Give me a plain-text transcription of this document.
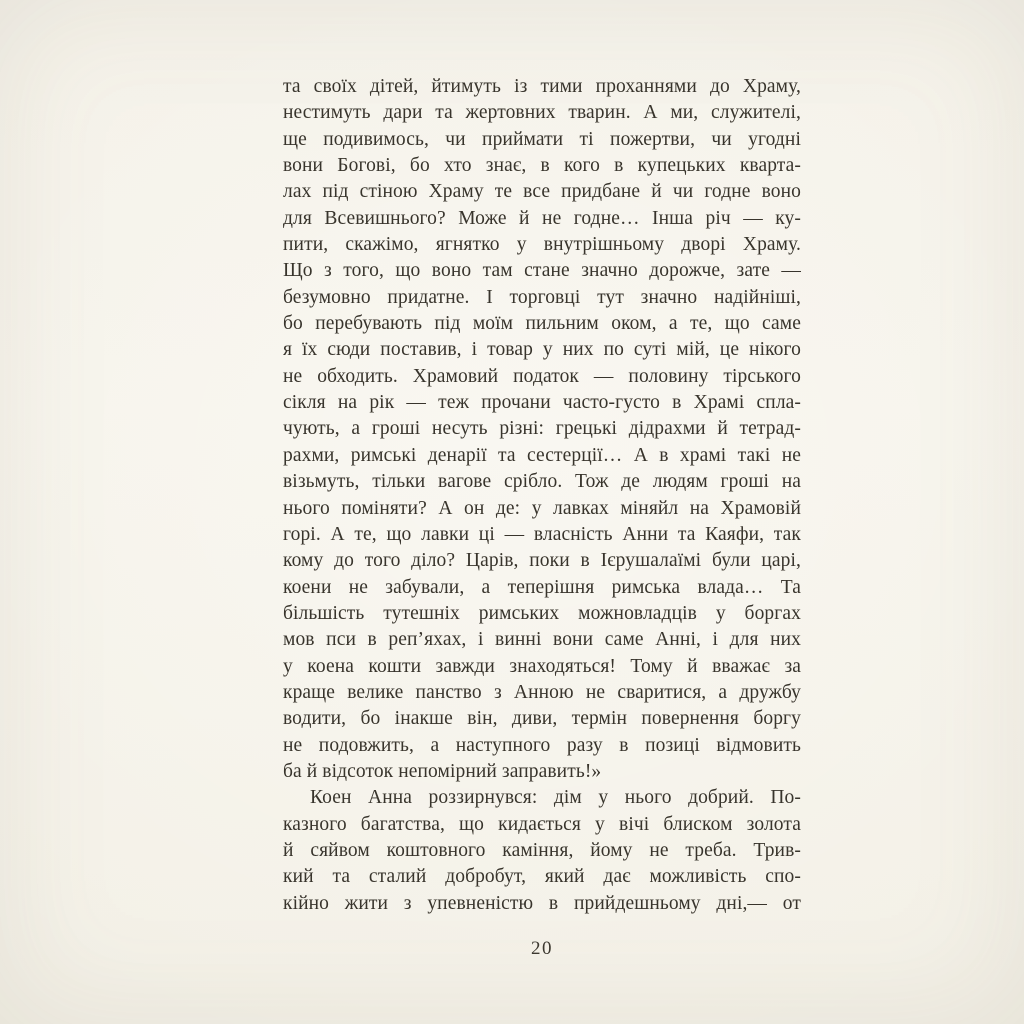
та своїх дітей, йтимуть із тими проханнями до Храму,
нестимуть дари та жертовних тварин. А ми, служителі,
ще подивимось, чи приймати ті пожертви, чи угодні
вони Богові, бо хто знає, в кого в купецьких кварта-
лах під стіною Храму те все придбане й чи годне воно
для Всевишнього? Може й не годне… Інша річ — ку-
пити, скажімо, ягнятко у внутрішньому дворі Храму.
Що з того, що воно там стане значно дорожче, зате —
безумовно придатне. І торговці тут значно надійніші,
бо перебувають під моїм пильним оком, а те, що саме
я їх сюди поставив, і товар у них по суті мій, це нікого
не обходить. Храмовий податок — половину тірського
сікля на рік — теж прочани часто-густо в Храмі спла-
чують, а гроші несуть різні: грецькі дідрахми й тетрад-
рахми, римські денарії та сестерції… А в храмі такі не
візьмуть, тільки вагове срібло. Тож де людям гроші на
нього поміняти? А он де: у лавках міняйл на Храмовій
горі. А те, що лавки ці — власність Анни та Каяфи, так
кому до того діло? Царів, поки в Ієрушалаїмі були царі,
коени не забували, а теперішня римська влада… Та
більшість тутешніх римських можновладців у боргах
мов пси в реп’яхах, і винні вони саме Анні, і для них
у коена кошти завжди знаходяться! Тому й вважає за
краще велике панство з Анною не сваритися, а дружбу
водити, бо інакше він, диви, термін повернення боргу
не подовжить, а наступного разу в позиці відмовить
ба й відсоток непомірний заправить!»
Коен Анна роззирнувся: дім у нього добрий. По-
казного багатства, що кидається у вічі блиском золота
й сяйвом коштовного каміння, йому не треба. Трив-
кий та сталий добробут, який дає можливість спо-
кійно жити з упевненістю в прийдешньому дні,— от
20
